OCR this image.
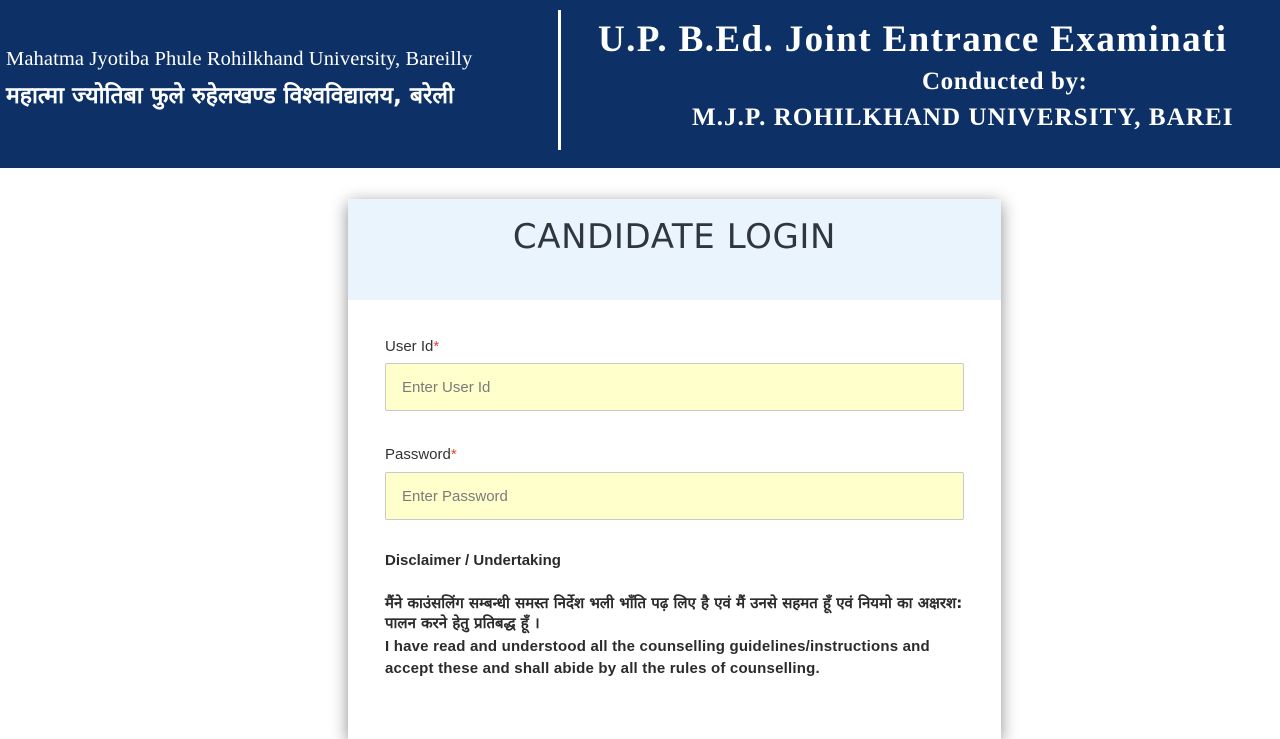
Mahatma Jyotiba Phule Rohilkhand University, Bareilly
महात्मा ज्योतिबा फुले रुहेलखण्ड विश्वविद्यालय, बरेली
U.P. B.Ed. Joint Entrance Examinati
Conducted by:
M.J.P. ROHILKHAND UNIVERSITY, BAREI
CANDIDATE LOGIN
User Id*
Enter User Id
Password*
Disclaimer / Undertaking
मैंने काउंसलिंग सम्बन्धी समस्त निर्देश भली भाँति पढ़ लिए है एवं मैं उनसे सहमत हूँ एवं नियमो का अक्षरश: पालन करने हेतु प्रतिबद्ध हूँ ।
I have read and understood all the counselling guidelines/instructions and accept these and shall abide by all the rules of counselling.
